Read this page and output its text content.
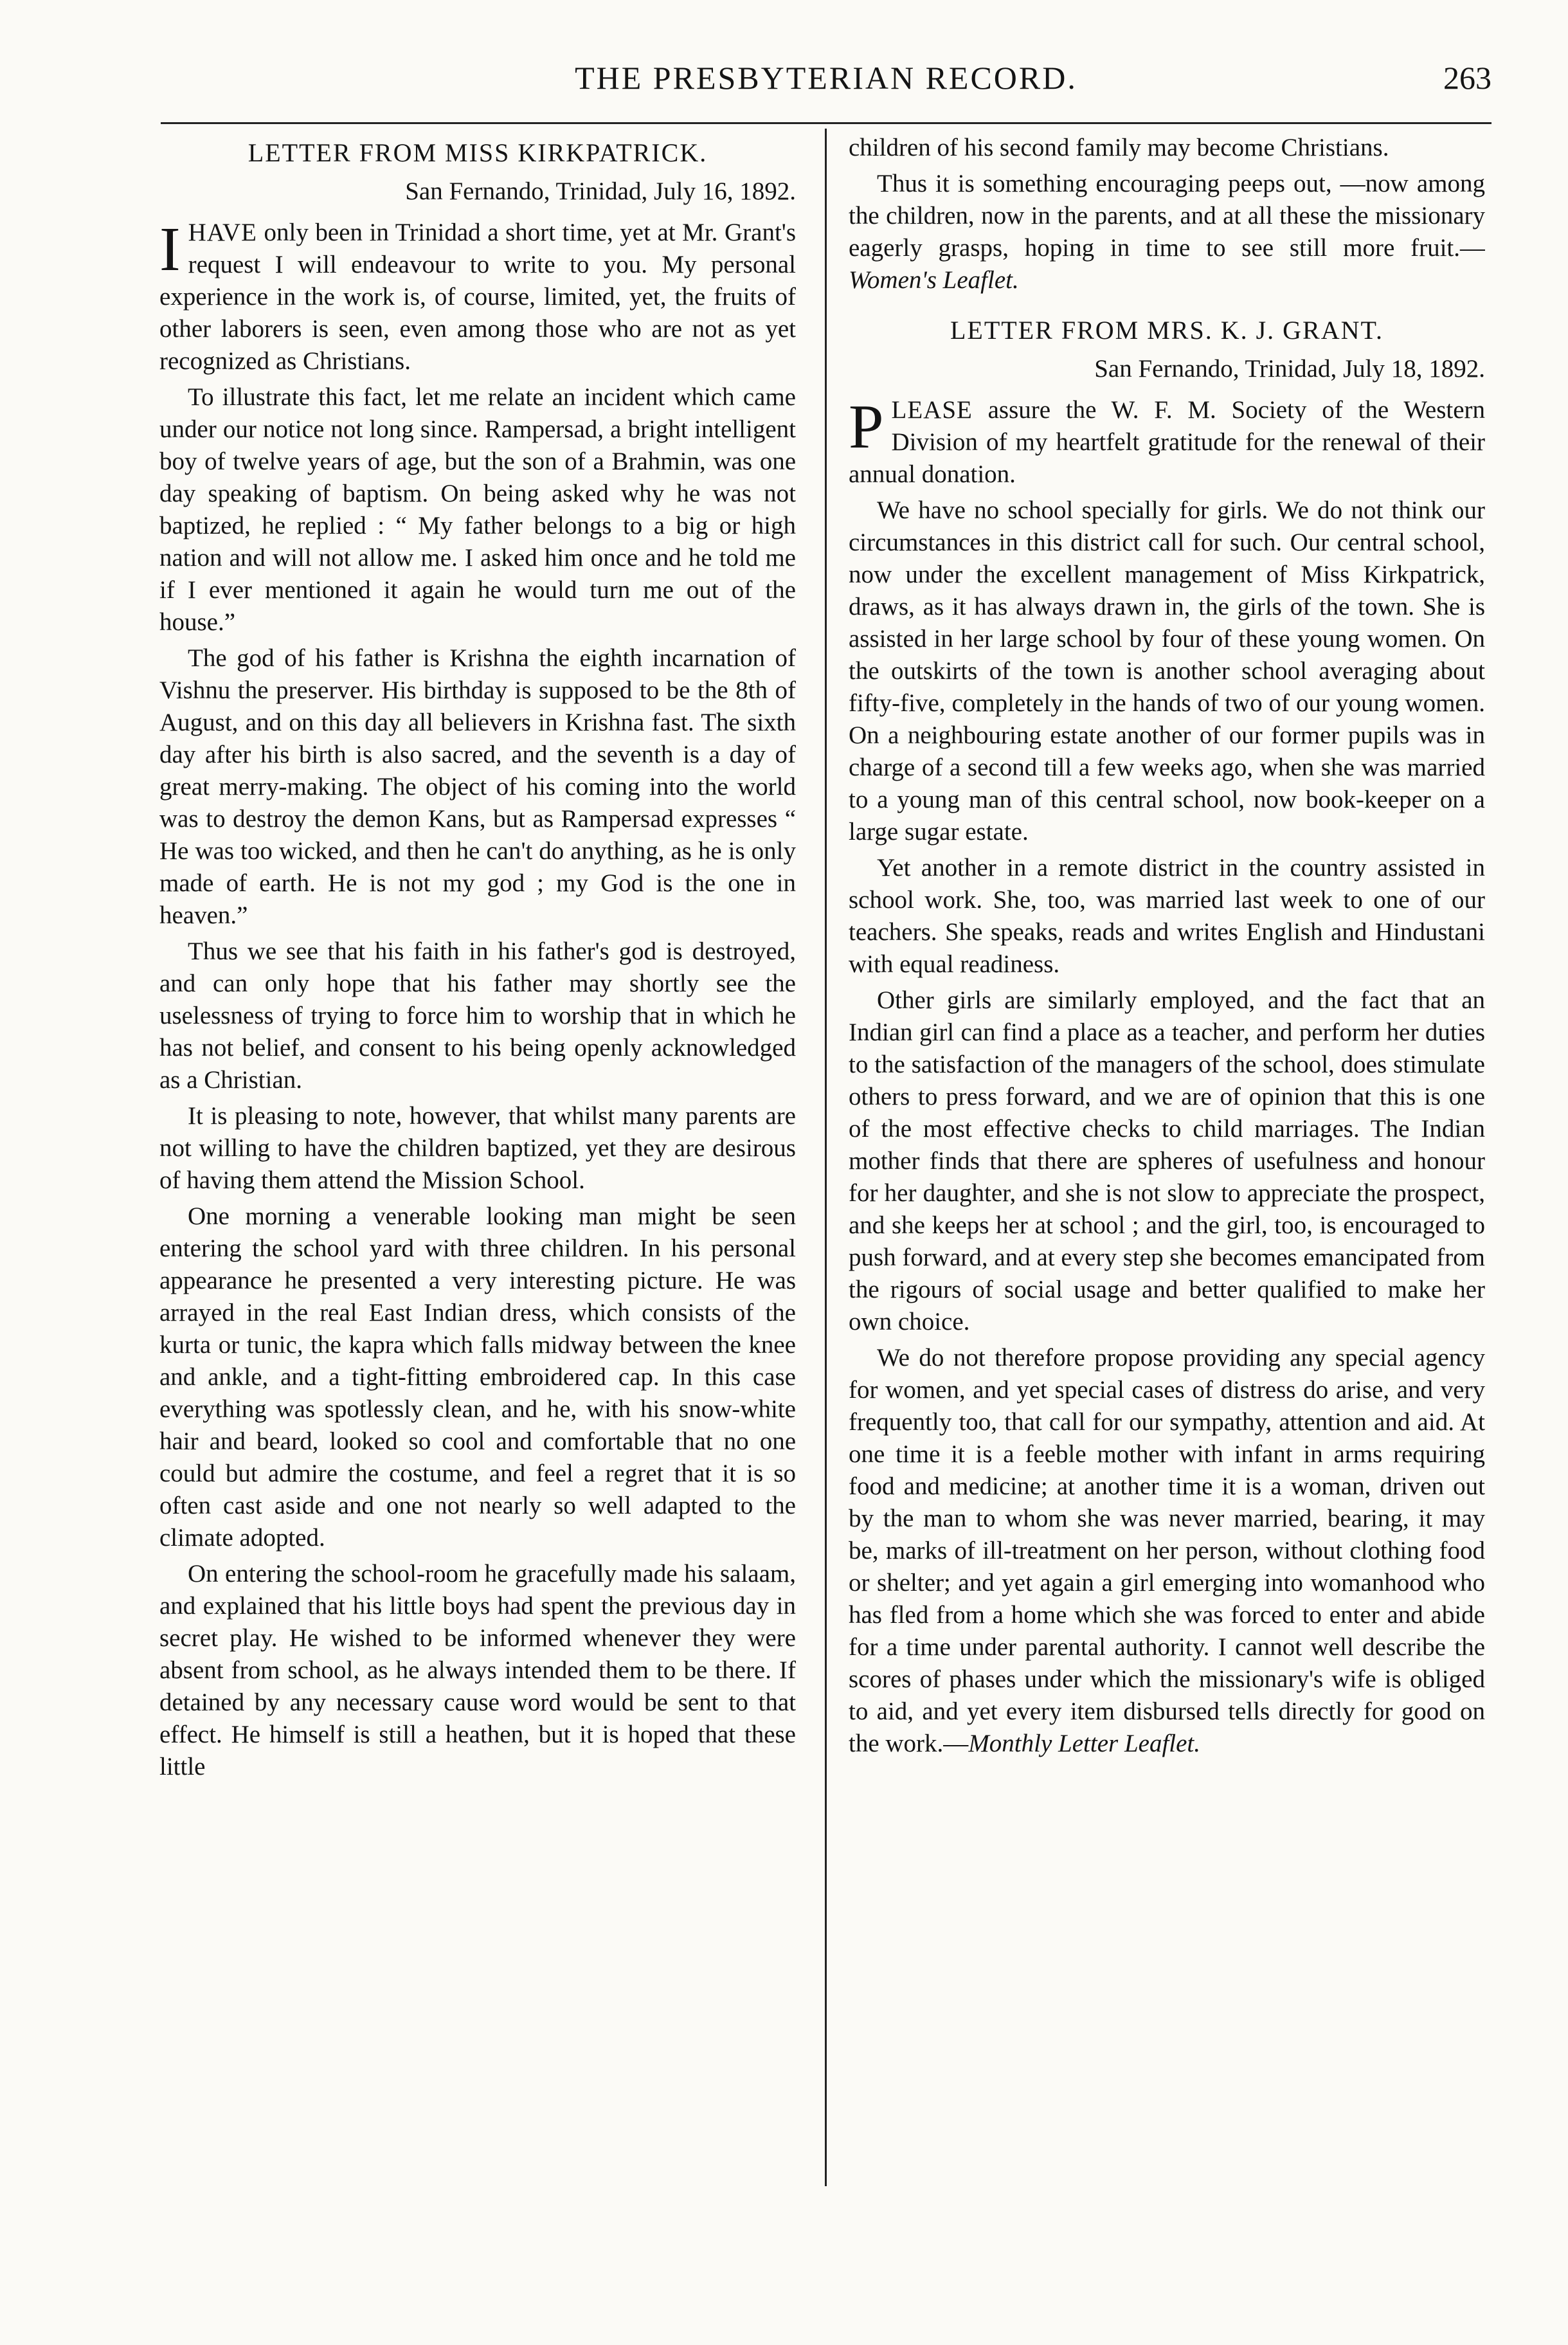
THE PRESBYTERIAN RECORD.	263
LETTER FROM MISS KIRKPATRICK.
San Fernando, Trinidad, July 16, 1892.

I HAVE only been in Trinidad a short time, yet at Mr. Grant's request I will endeavour to write to you. My personal experience in the work is, of course, limited, yet, the fruits of other laborers is seen, even among those who are not as yet recognized as Christians.

To illustrate this fact, let me relate an incident which came under our notice not long since. Rampersad, a bright intelligent boy of twelve years of age, but the son of a Brahmin, was one day speaking of baptism. On being asked why he was not baptized, he replied : “ My father belongs to a big or high nation and will not allow me. I asked him once and he told me if I ever mentioned it again he would turn me out of the house.”

The god of his father is Krishna the eighth incarnation of Vishnu the preserver. His birthday is supposed to be the 8th of August, and on this day all believers in Krishna fast. The sixth day after his birth is also sacred, and the seventh is a day of great merry-making. The object of his coming into the world was to destroy the demon Kans, but as Rampersad expresses “ He was too wicked, and then he can't do anything, as he is only made of earth. He is not my god ; my God is the one in heaven.”

Thus we see that his faith in his father's god is destroyed, and can only hope that his father may shortly see the uselessness of trying to force him to worship that in which he has not belief, and consent to his being openly acknowledged as a Christian.

It is pleasing to note, however, that whilst many parents are not willing to have the children baptized, yet they are desirous of having them attend the Mission School.

One morning a venerable looking man might be seen entering the school yard with three children. In his personal appearance he presented a very interesting picture. He was arrayed in the real East Indian dress, which consists of the kurta or tunic, the kapra which falls midway between the knee and ankle, and a tight-fitting embroidered cap. In this case everything was spotlessly clean, and he, with his snow-white hair and beard, looked so cool and comfortable that no one could but admire the costume, and feel a regret that it is so often cast aside and one not nearly so well adapted to the climate adopted.

On entering the school-room he gracefully made his salaam, and explained that his little boys had spent the previous day in secret play. He wished to be informed whenever they were absent from school, as he always intended them to be there. If detained by any necessary cause word would be sent to that effect. He himself is still a heathen, but it is hoped that these little

children of his second family may become Christians.

Thus it is something encouraging peeps out, —now among the children, now in the parents, and at all these the missionary eagerly grasps, hoping in time to see still more fruit.—Women's Leaflet.

LETTER FROM MRS. K. J. GRANT.
San Fernando, Trinidad, July 18, 1892.

P LEASE assure the W. F. M. Society of the Western Division of my heartfelt gratitude for the renewal of their annual donation.

We have no school specially for girls. We do not think our circumstances in this district call for such. Our central school, now under the excellent management of Miss Kirkpatrick, draws, as it has always drawn in, the girls of the town. She is assisted in her large school by four of these young women. On the outskirts of the town is another school averaging about fifty-five, completely in the hands of two of our young women. On a neighbouring estate another of our former pupils was in charge of a second till a few weeks ago, when she was married to a young man of this central school, now book-keeper on a large sugar estate.

Yet another in a remote district in the country assisted in school work. She, too, was married last week to one of our teachers. She speaks, reads and writes English and Hindustani with equal readiness.

Other girls are similarly employed, and the fact that an Indian girl can find a place as a teacher, and perform her duties to the satisfaction of the managers of the school, does stimulate others to press forward, and we are of opinion that this is one of the most effective checks to child marriages. The Indian mother finds that there are spheres of usefulness and honour for her daughter, and she is not slow to appreciate the prospect, and she keeps her at school ; and the girl, too, is encouraged to push forward, and at every step she becomes emancipated from the rigours of social usage and better qualified to make her own choice.

We do not therefore propose providing any special agency for women, and yet special cases of distress do arise, and very frequently too, that call for our sympathy, attention and aid. At one time it is a feeble mother with infant in arms requiring food and medicine; at another time it is a woman, driven out by the man to whom she was never married, bearing, it may be, marks of ill-treatment on her person, without clothing food or shelter; and yet again a girl emerging into womanhood who has fled from a home which she was forced to enter and abide for a time under parental authority. I cannot well describe the scores of phases under which the missionary's wife is obliged to aid, and yet every item disbursed tells directly for good on the work.—Monthly Letter Leaflet.
